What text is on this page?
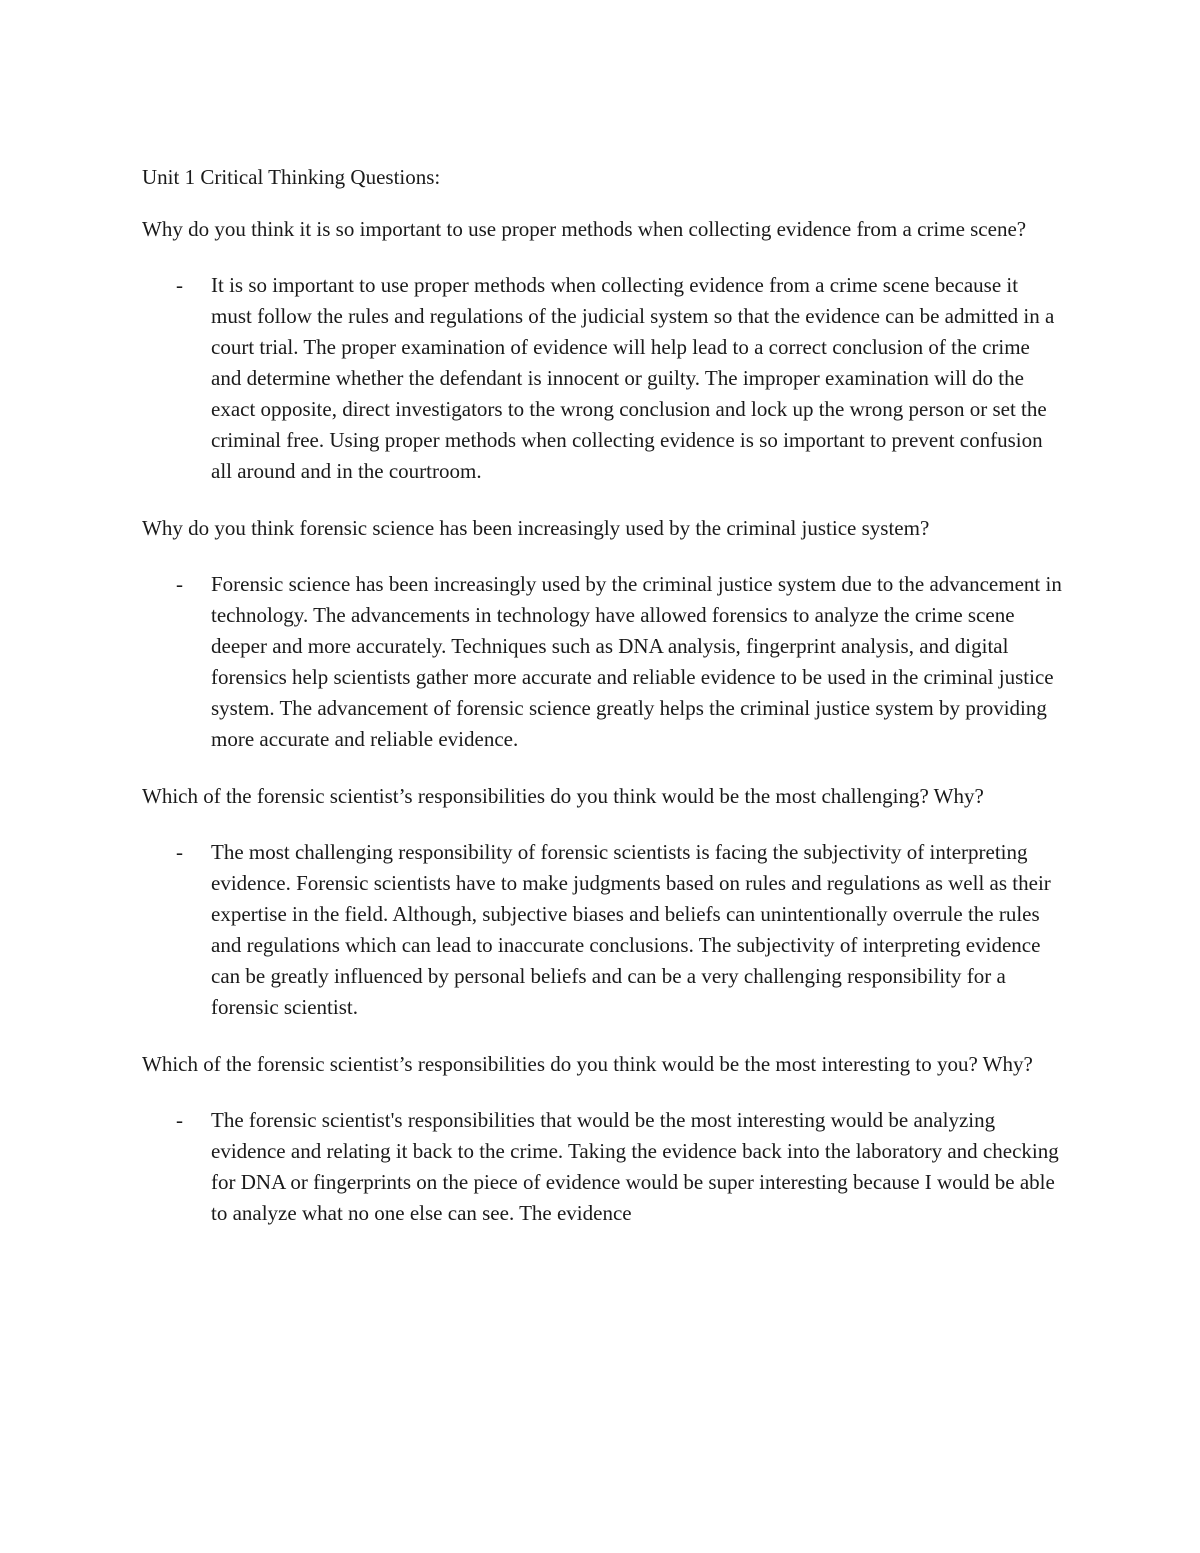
Unit 1 Critical Thinking Questions:
Why do you think it is so important to use proper methods when collecting evidence from a crime scene?
- It is so important to use proper methods when collecting evidence from a crime scene because it must follow the rules and regulations of the judicial system so that the evidence can be admitted in a court trial. The proper examination of evidence will help lead to a correct conclusion of the crime and determine whether the defendant is innocent or guilty. The improper examination will do the exact opposite, direct investigators to the wrong conclusion and lock up the wrong person or set the criminal free. Using proper methods when collecting evidence is so important to prevent confusion all around and in the courtroom.
Why do you think forensic science has been increasingly used by the criminal justice system?
- Forensic science has been increasingly used by the criminal justice system due to the advancement in technology. The advancements in technology have allowed forensics to analyze the crime scene deeper and more accurately. Techniques such as DNA analysis, fingerprint analysis, and digital forensics help scientists gather more accurate and reliable evidence to be used in the criminal justice system. The advancement of forensic science greatly helps the criminal justice system by providing more accurate and reliable evidence.
Which of the forensic scientist’s responsibilities do you think would be the most challenging? Why?
- The most challenging responsibility of forensic scientists is facing the subjectivity of interpreting evidence. Forensic scientists have to make judgments based on rules and regulations as well as their expertise in the field. Although, subjective biases and beliefs can unintentionally overrule the rules and regulations which can lead to inaccurate conclusions. The subjectivity of interpreting evidence can be greatly influenced by personal beliefs and can be a very challenging responsibility for a forensic scientist.
Which of the forensic scientist’s responsibilities do you think would be the most interesting to you? Why?
- The forensic scientist's responsibilities that would be the most interesting would be analyzing evidence and relating it back to the crime. Taking the evidence back into the laboratory and checking for DNA or fingerprints on the piece of evidence would be super interesting because I would be able to analyze what no one else can see. The evidence
